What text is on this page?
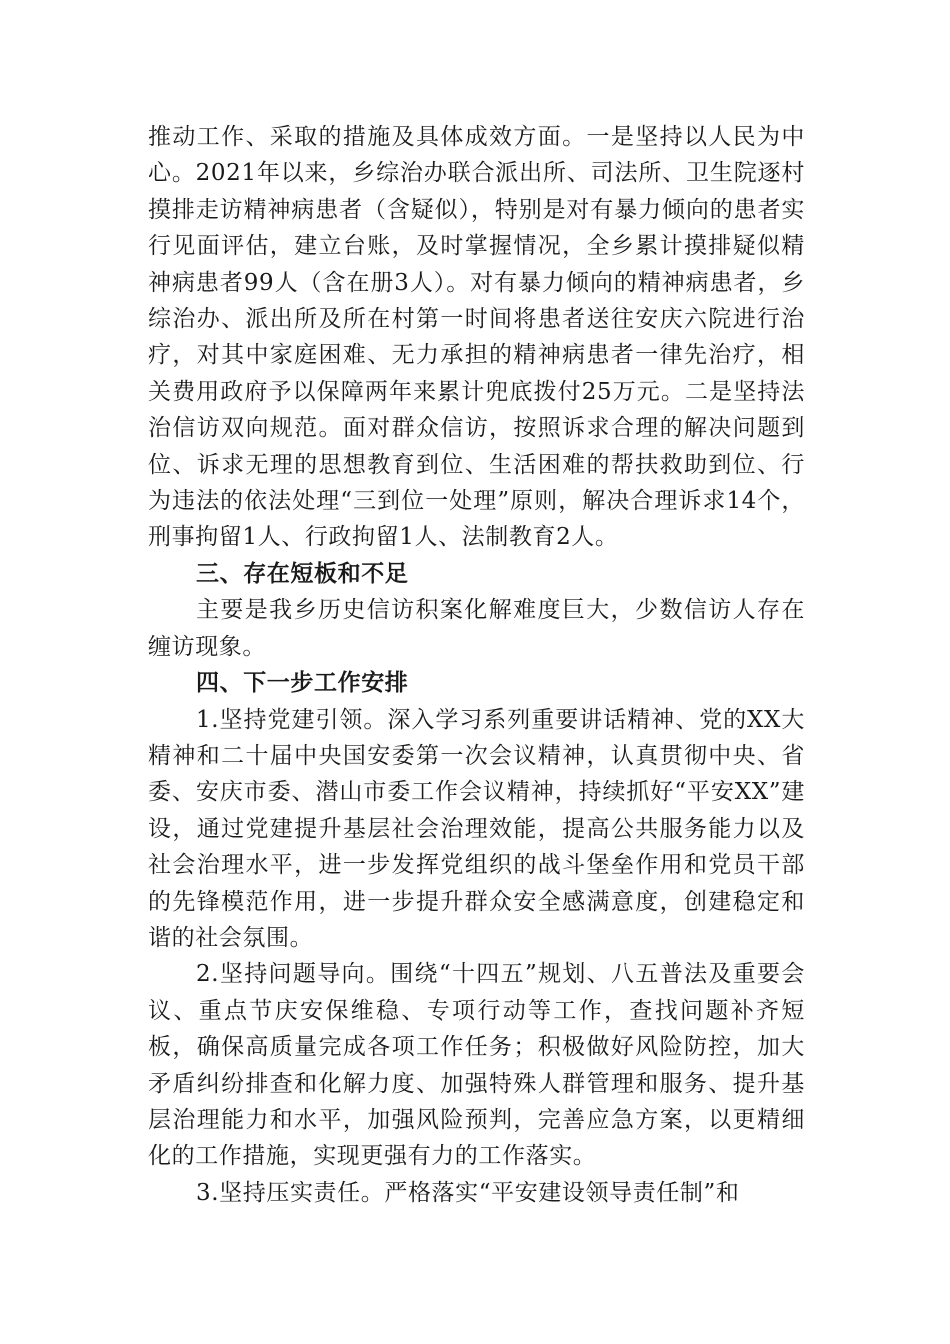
推动工作、采取的措施及具体成效方面。一是坚持以人民为中心。2021年以来，乡综治办联合派出所、司法所、卫生院逐村摸排走访精神病患者（含疑似），特别是对有暴力倾向的患者实行见面评估，建立台账，及时掌握情况，全乡累计摸排疑似精神病患者99人（含在册3人）。对有暴力倾向的精神病患者，乡综治办、派出所及所在村第一时间将患者送往安庆六院进行治疗，对其中家庭困难、无力承担的精神病患者一律先治疗，相关费用政府予以保障两年来累计兜底拨付25万元。二是坚持法治信访双向规范。面对群众信访，按照诉求合理的解决问题到位、诉求无理的思想教育到位、生活困难的帮扶救助到位、行为违法的依法处理“三到位一处理”原则，解决合理诉求14个，刑事拘留1人、行政拘留1人、法制教育2人。

三、存在短板和不足

主要是我乡历史信访积案化解难度巨大，少数信访人存在缠访现象。

四、下一步工作安排

1.坚持党建引领。深入学习系列重要讲话精神、党的XX大精神和二十届中央国安委第一次会议精神，认真贯彻中央、省委、安庆市委、潜山市委工作会议精神，持续抓好“平安XX”建设，通过党建提升基层社会治理效能，提高公共服务能力以及社会治理水平，进一步发挥党组织的战斗堡垒作用和党员干部的先锋模范作用，进一步提升群众安全感满意度，创建稳定和谐的社会氛围。

2.坚持问题导向。围绕“十四五”规划、八五普法及重要会议、重点节庆安保维稳、专项行动等工作，查找问题补齐短板，确保高质量完成各项工作任务；积极做好风险防控，加大矛盾纠纷排查和化解力度、加强特殊人群管理和服务、提升基层治理能力和水平，加强风险预判，完善应急方案，以更精细化的工作措施，实现更强有力的工作落实。

3.坚持压实责任。严格落实“平安建设领导责任制”和
